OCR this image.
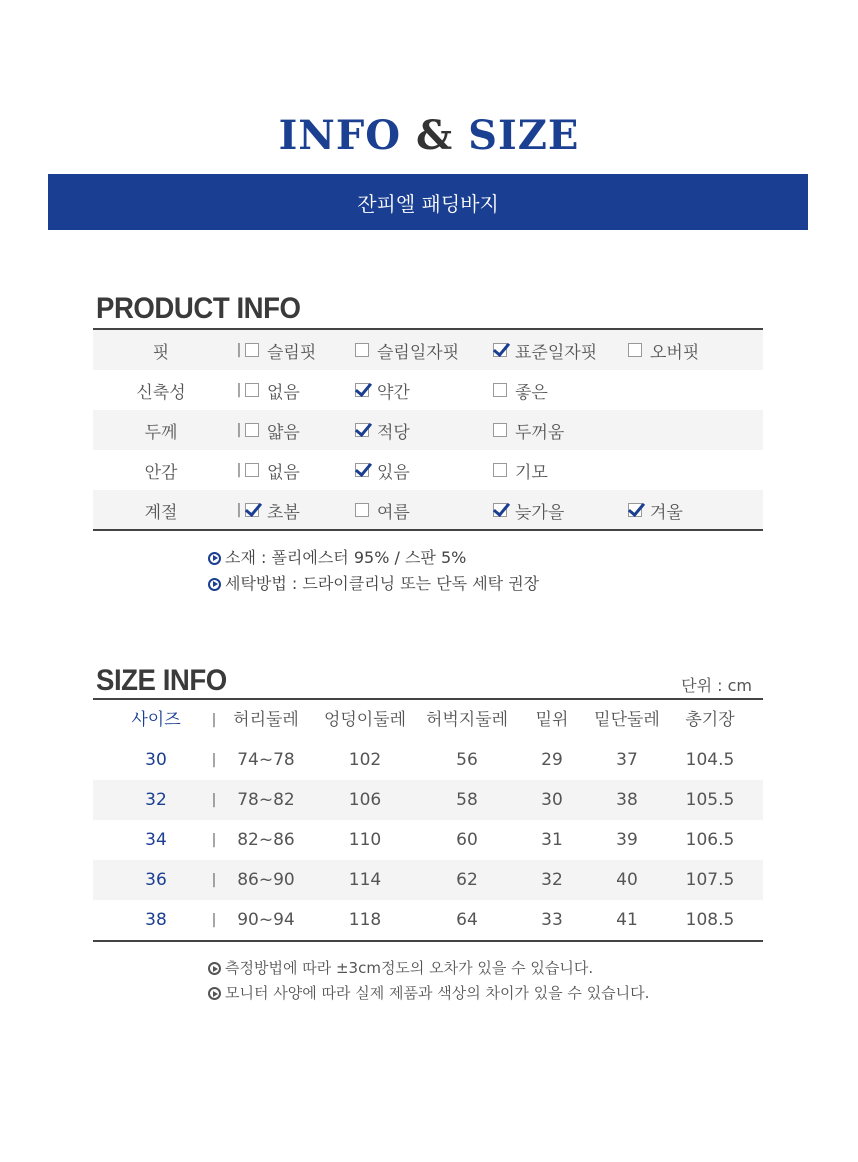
INFO & SIZE
잔피엘 패딩바지
PRODUCT INFO
핏	|	슬림핏	슬림일자핏	표준일자핏	오버핏
신축성	|	없음	약간	좋은
두께	|	얇음	적당	두꺼움
안감	|	없음	있음	기모
계절	|	초봄	여름	늦가을	겨울
소재 : 폴리에스터 95% / 스판 5%
세탁방법 : 드라이클리닝 또는 단독 세탁 권장
SIZE INFO	단위 : cm
사이즈	허리둘레	엉덩이둘레	허벅지둘레	밑위	밑단둘레	총기장
|
30	74~78	102	56	29	37	104.5
|
32	78~82	106	58	30	38	105.5
|
34	82~86	110	60	31	39	106.5
|
36	86~90	114	62	32	40	107.5
|
38	90~94	118	64	33	41	108.5
|
측정방법에 따라 ±3cm정도의 오차가 있을 수 있습니다.
모니터 사양에 따라 실제 제품과 색상의 차이가 있을 수 있습니다.
